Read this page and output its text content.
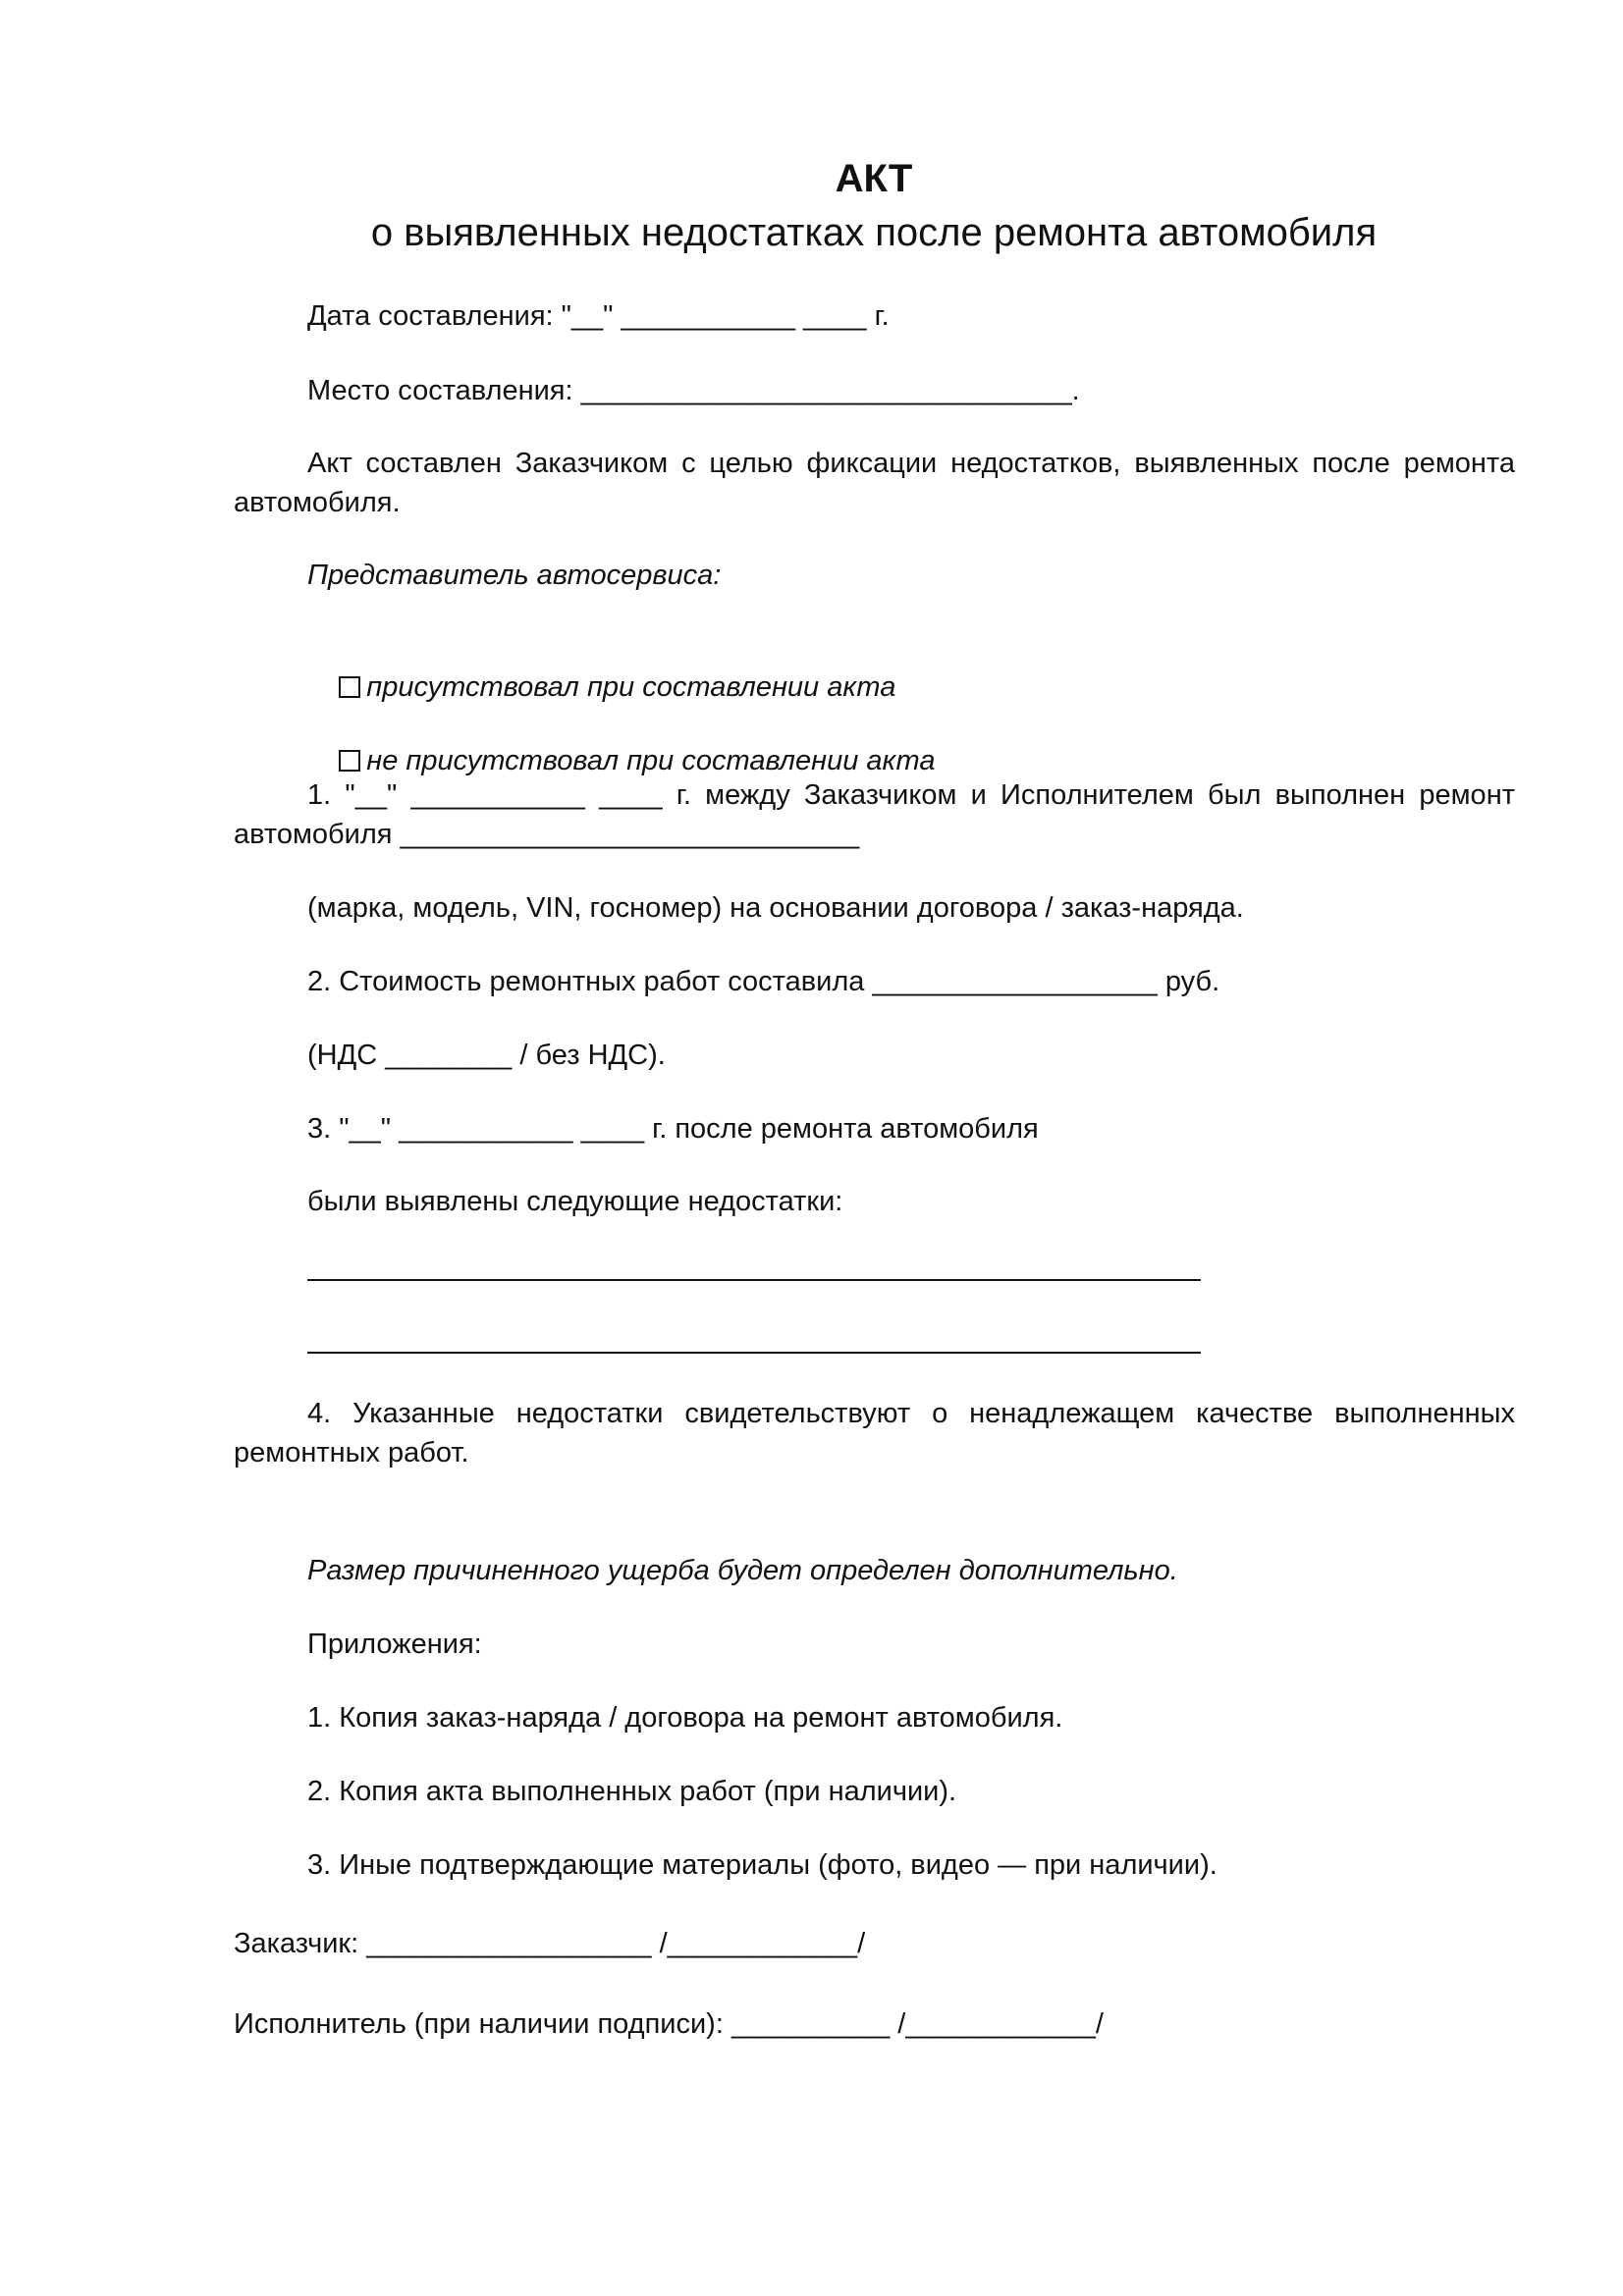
АКТ
о выявленных недостатках после ремонта автомобиля
Дата составления: "__" ___________ ____ г.
Место составления: _______________________________.
Акт составлен Заказчиком с целью фиксации недостатков, выявленных после ремонта автомобиля.
Представитель автосервиса:

присутствовал при составлении акта

не присутствовал при составлении акта

1. "__" ___________ ____ г. между Заказчиком и Исполнителем был выполнен ремонт автомобиля _____________________________
(марка, модель, VIN, госномер) на основании договора / заказ-наряда.
2. Стоимость ремонтных работ составила __________________ руб.
(НДС ________ / без НДС).
3. "__" ___________ ____ г. после ремонта автомобиля
были выявлены следующие недостатки:
4. Указанные недостатки свидетельствуют о ненадлежащем качестве выполненных ремонтных работ.
Размер причиненного ущерба будет определен дополнительно.
Приложения:
1. Копия заказ-наряда / договора на ремонт автомобиля.
2. Копия акта выполненных работ (при наличии).
3. Иные подтверждающие материалы (фото, видео — при наличии).
Заказчик: __________________ /____________/
Исполнитель (при наличии подписи): __________ /____________/
